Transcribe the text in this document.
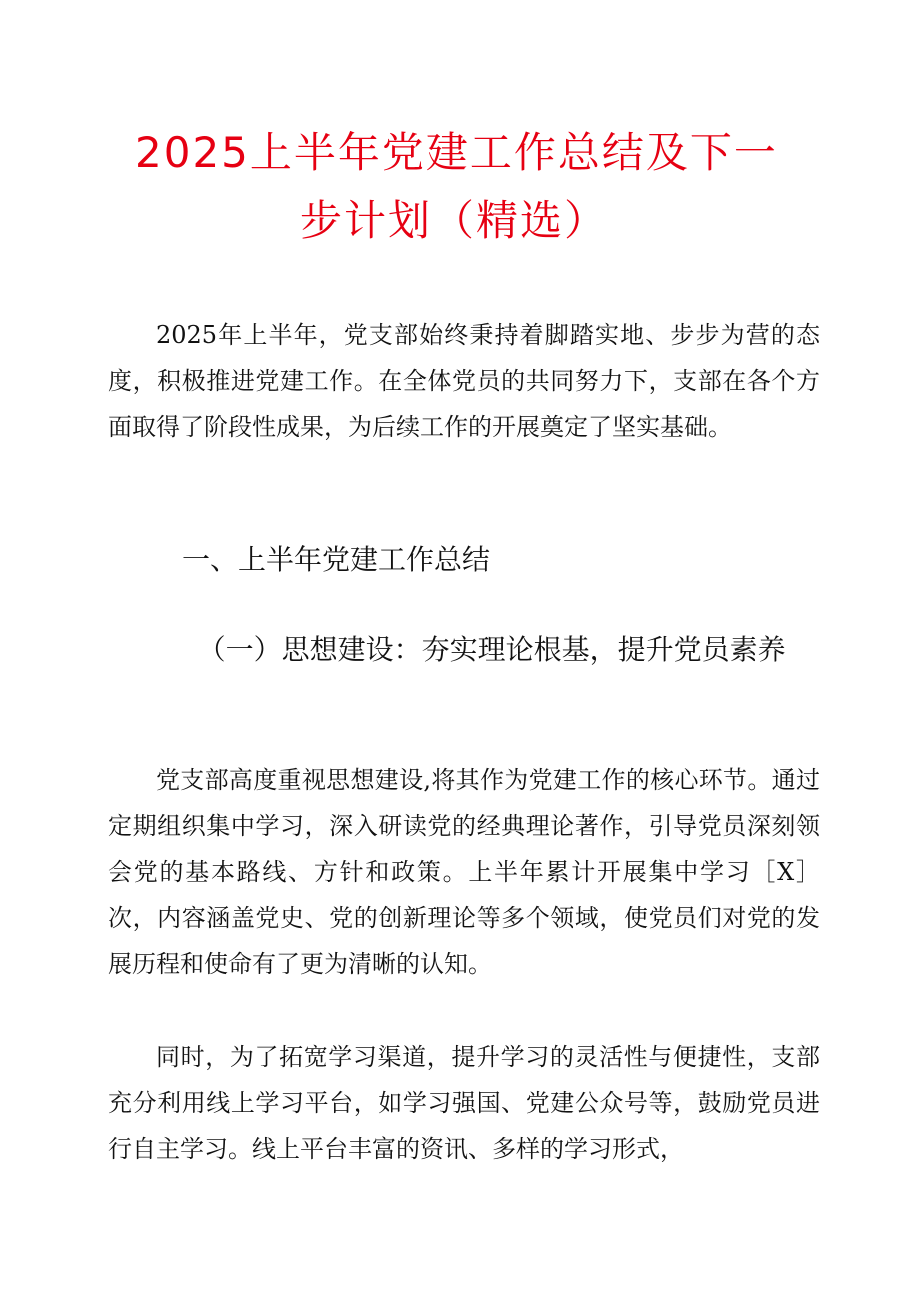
2025上半年党建工作总结及下一
步计划（精选）

2025年上半年，党支部始终秉持着脚踏实地、步步为营的态度，积极推进党建工作。在全体党员的共同努力下，支部在各个方面取得了阶段性成果，为后续工作的开展奠定了坚实基础。

一、上半年党建工作总结

（一）思想建设：夯实理论根基，提升党员素养

党支部高度重视思想建设,将其作为党建工作的核心环节。通过定期组织集中学习，深入研读党的经典理论著作，引导党员深刻领会党的基本路线、方针和政策。上半年累计开展集中学习［X］次，内容涵盖党史、党的创新理论等多个领域，使党员们对党的发展历程和使命有了更为清晰的认知。

同时，为了拓宽学习渠道，提升学习的灵活性与便捷性，支部充分利用线上学习平台，如学习强国、党建公众号等，鼓励党员进行自主学习。线上平台丰富的资讯、多样的学习形式，
